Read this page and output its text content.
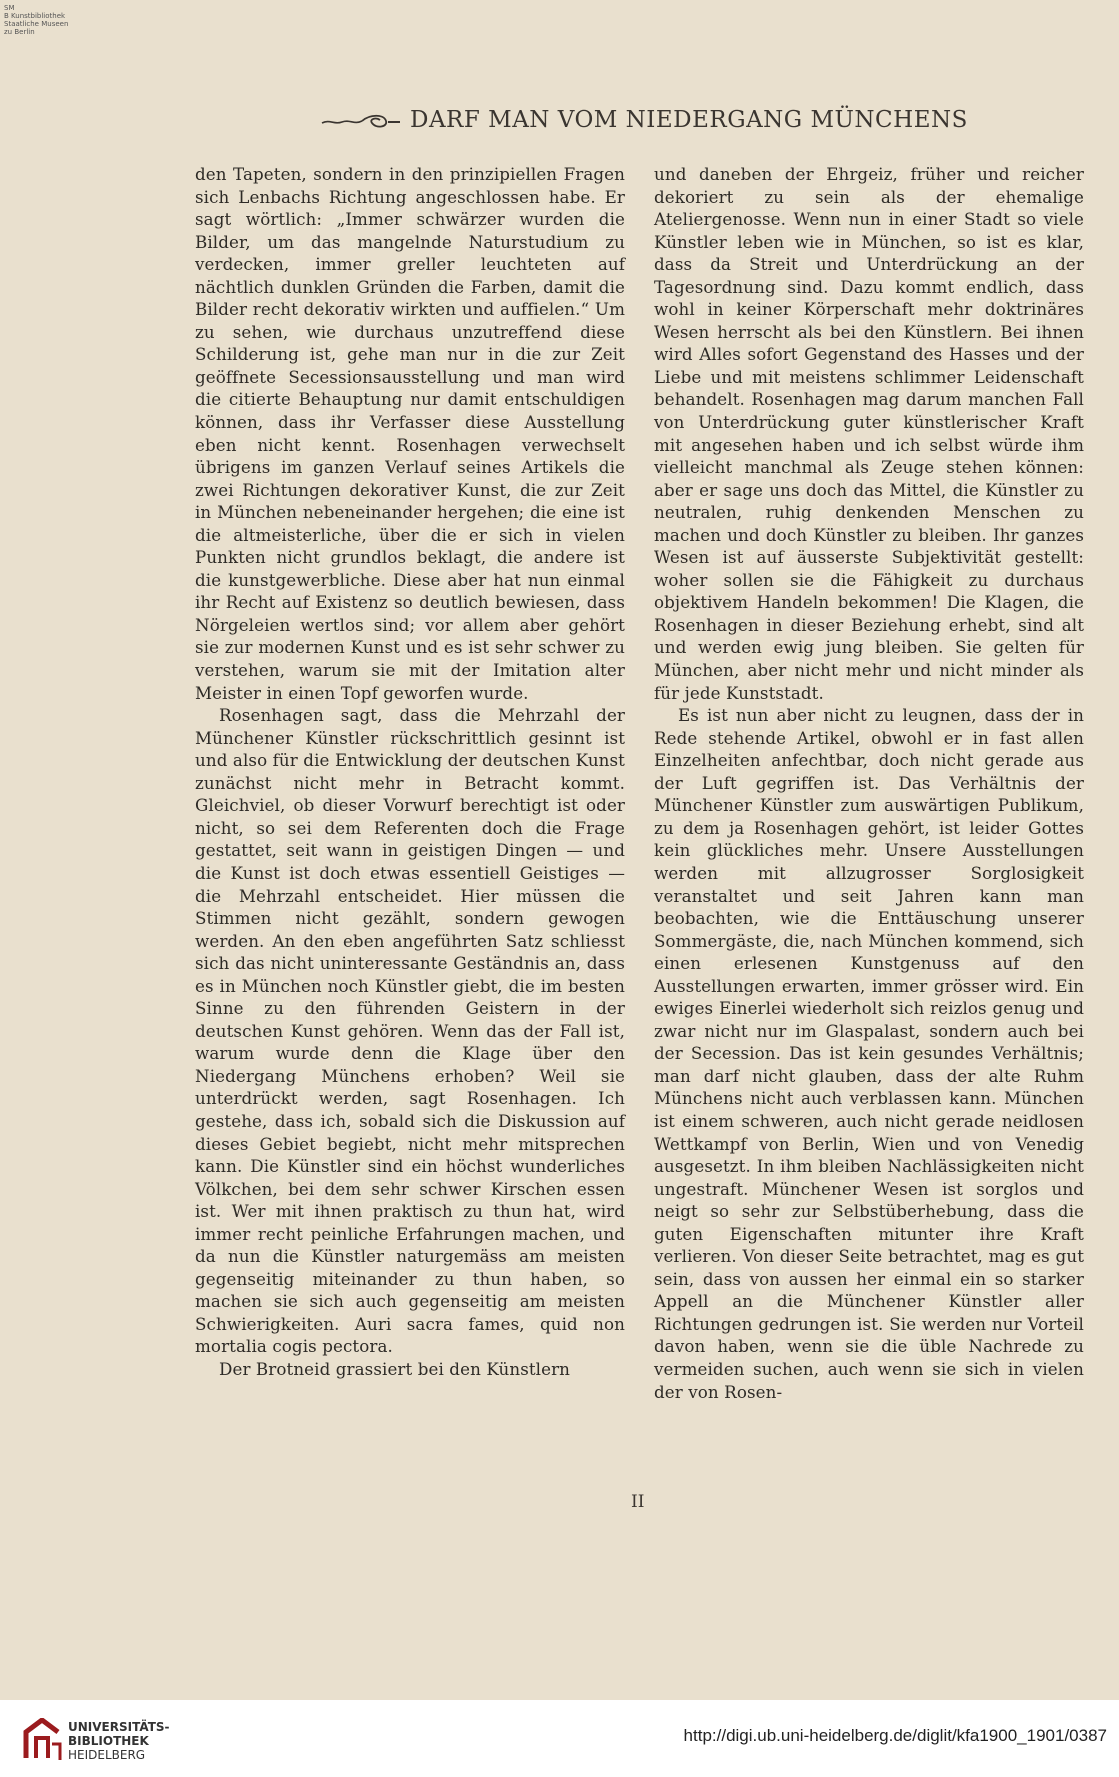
SM
B Kunstbibliothek
Staatliche Museen
zu Berlin
DARF MAN VOM NIEDERGANG MÜNCHENS

den Tapeten, sondern in den prinzipiellen Fragen sich Lenbachs Richtung angeschlossen habe. Er sagt wörtlich: „Immer schwärzer wurden die Bilder, um das mangelnde Naturstudium zu verdecken, immer greller leuchteten auf nächtlich dunklen Gründen die Farben, damit die Bilder recht dekorativ wirkten und auffielen.“ Um zu sehen, wie durchaus unzutreffend diese Schilderung ist, gehe man nur in die zur Zeit geöffnete Secessionsausstellung und man wird die citierte Behauptung nur damit entschuldigen können, dass ihr Verfasser diese Ausstellung eben nicht kennt. Rosenhagen verwechselt übrigens im ganzen Verlauf seines Artikels die zwei Richtungen dekorativer Kunst, die zur Zeit in München nebeneinander hergehen; die eine ist die altmeisterliche, über die er sich in vielen Punkten nicht grundlos beklagt, die andere ist die kunstgewerbliche. Diese aber hat nun einmal ihr Recht auf Existenz so deutlich bewiesen, dass Nörgeleien wertlos sind; vor allem aber gehört sie zur modernen Kunst und es ist sehr schwer zu verstehen, warum sie mit der Imitation alter Meister in einen Topf geworfen wurde.

Rosenhagen sagt, dass die Mehrzahl der Münchener Künstler rückschrittlich gesinnt ist und also für die Entwicklung der deutschen Kunst zunächst nicht mehr in Betracht kommt. Gleichviel, ob dieser Vorwurf berechtigt ist oder nicht, so sei dem Referenten doch die Frage gestattet, seit wann in geistigen Dingen — und die Kunst ist doch etwas essentiell Geistiges — die Mehrzahl entscheidet. Hier müssen die Stimmen nicht gezählt, sondern gewogen werden. An den eben angeführten Satz schliesst sich das nicht uninteressante Geständnis an, dass es in München noch Künstler giebt, die im besten Sinne zu den führenden Geistern in der deutschen Kunst gehören. Wenn das der Fall ist, warum wurde denn die Klage über den Niedergang Münchens erhoben? Weil sie unterdrückt werden, sagt Rosenhagen. Ich gestehe, dass ich, sobald sich die Diskussion auf dieses Gebiet begiebt, nicht mehr mitsprechen kann. Die Künstler sind ein höchst wunderliches Völkchen, bei dem sehr schwer Kirschen essen ist. Wer mit ihnen praktisch zu thun hat, wird immer recht peinliche Erfahrungen machen, und da nun die Künstler naturgemäss am meisten gegenseitig miteinander zu thun haben, so machen sie sich auch gegenseitig am meisten Schwierigkeiten. Auri sacra fames, quid non mortalia cogis pectora.

Der Brotneid grassiert bei den Künstlern

und daneben der Ehrgeiz, früher und reicher dekoriert zu sein als der ehemalige Ateliergenosse. Wenn nun in einer Stadt so viele Künstler leben wie in München, so ist es klar, dass da Streit und Unterdrückung an der Tagesordnung sind. Dazu kommt endlich, dass wohl in keiner Körperschaft mehr doktrinäres Wesen herrscht als bei den Künstlern. Bei ihnen wird Alles sofort Gegenstand des Hasses und der Liebe und mit meistens schlimmer Leidenschaft behandelt. Rosenhagen mag darum manchen Fall von Unterdrückung guter künstlerischer Kraft mit angesehen haben und ich selbst würde ihm vielleicht manchmal als Zeuge stehen können: aber er sage uns doch das Mittel, die Künstler zu neutralen, ruhig denkenden Menschen zu machen und doch Künstler zu bleiben. Ihr ganzes Wesen ist auf äusserste Subjektivität gestellt: woher sollen sie die Fähigkeit zu durchaus objektivem Handeln bekommen! Die Klagen, die Rosenhagen in dieser Beziehung erhebt, sind alt und werden ewig jung bleiben. Sie gelten für München, aber nicht mehr und nicht minder als für jede Kunststadt.

Es ist nun aber nicht zu leugnen, dass der in Rede stehende Artikel, obwohl er in fast allen Einzelheiten anfechtbar, doch nicht gerade aus der Luft gegriffen ist. Das Verhältnis der Münchener Künstler zum auswärtigen Publikum, zu dem ja Rosenhagen gehört, ist leider Gottes kein glückliches mehr. Unsere Ausstellungen werden mit allzugrosser Sorglosigkeit veranstaltet und seit Jahren kann man beobachten, wie die Enttäuschung unserer Sommergäste, die, nach München kommend, sich einen erlesenen Kunstgenuss auf den Ausstellungen erwarten, immer grösser wird. Ein ewiges Einerlei wiederholt sich reizlos genug und zwar nicht nur im Glaspalast, sondern auch bei der Secession. Das ist kein gesundes Verhältnis; man darf nicht glauben, dass der alte Ruhm Münchens nicht auch verblassen kann. München ist einem schweren, auch nicht gerade neidlosen Wettkampf von Berlin, Wien und von Venedig ausgesetzt. In ihm bleiben Nachlässigkeiten nicht ungestraft. Münchener Wesen ist sorglos und neigt so sehr zur Selbstüberhebung, dass die guten Eigenschaften mitunter ihre Kraft verlieren. Von dieser Seite betrachtet, mag es gut sein, dass von aussen her einmal ein so starker Appell an die Münchener Künstler aller Richtungen gedrungen ist. Sie werden nur Vorteil davon haben, wenn sie die üble Nachrede zu vermeiden suchen, auch wenn sie sich in vielen der von Rosen-

II
UNIVERSITÄTS-
BIBLIOTHEK
HEIDELBERG
http://digi.ub.uni-heidelberg.de/diglit/kfa1900_1901/0387
